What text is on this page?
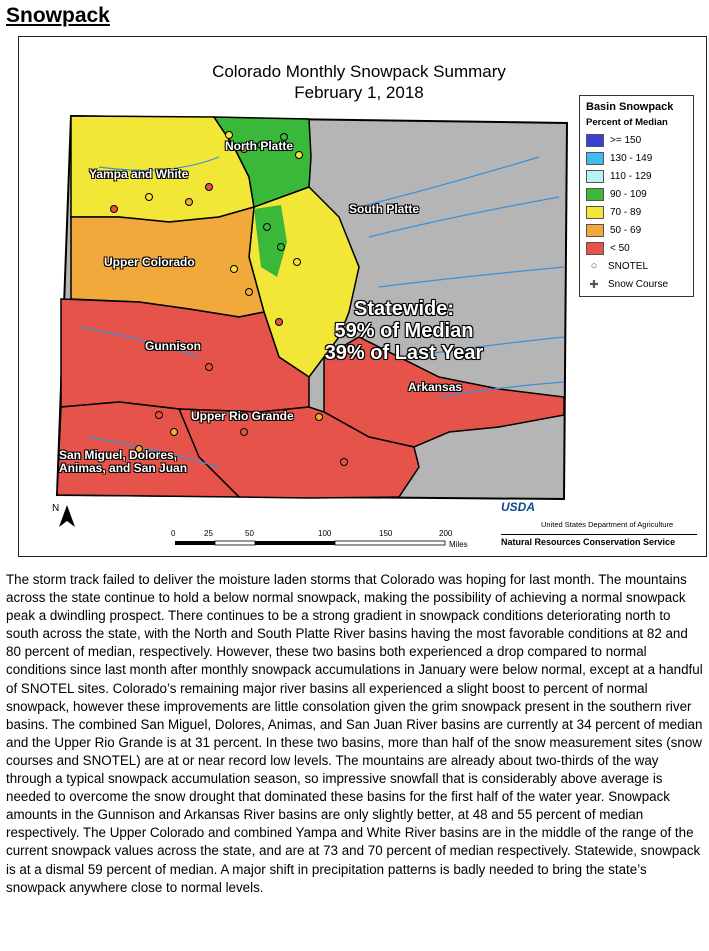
Snowpack
Colorado Monthly Snowpack Summary
February 1, 2018
North Platte
Yampa and White
South Platte
Upper Colorado
Gunnison
Arkansas
Upper Rio Grande
San Miguel, Dolores,
Animas, and San Juan
Statewide:
59% of Median
39% of Last Year
Basin Snowpack
Percent of Median
>= 150
130 - 149
110 - 129
90 - 109
70 - 89
50 - 69
< 50
○	SNOTEL
✚ Snow Course
N
0	25	50	100	150	200
Miles
USDA
United States Department of Agriculture
Natural Resources Conservation Service

The storm track failed to deliver the moisture laden storms that Colorado was hoping for last month. The mountains across the state continue to hold a below normal snowpack, making the possibility of achieving a normal snowpack peak a dwindling prospect. There continues to be a strong gradient in snowpack conditions deteriorating north to south across the state, with the North and South Platte River basins having the most favorable conditions at 82 and 80 percent of median, respectively. However, these two basins both experienced a drop compared to normal conditions since last month after monthly snowpack accumulations in January were below normal, except at a handful of SNOTEL sites. Colorado’s remaining major river basins all experienced a slight boost to percent of normal snowpack, however these improvements are little consolation given the grim snowpack present in the southern river basins. The combined San Miguel, Dolores, Animas, and San Juan River basins are currently at 34 percent of median and the Upper Rio Grande is at 31 percent. In these two basins, more than half of the snow measurement sites (snow courses and SNOTEL) are at or near record low levels. The mountains are already about two-thirds of the way through a typical snowpack accumulation season, so impressive snowfall that is considerably above average is needed to overcome the snow drought that dominated these basins for the first half of the water year. Snowpack amounts in the Gunnison and Arkansas River basins are only slightly better, at 48 and 55 percent of median respectively. The Upper Colorado and combined Yampa and White River basins are in the middle of the range of the current snowpack values across the state, and are at 73 and 70 percent of median respectively. Statewide, snowpack is at a dismal 59 percent of median. A major shift in precipitation patterns is badly needed to bring the state’s snowpack anywhere close to normal levels.
